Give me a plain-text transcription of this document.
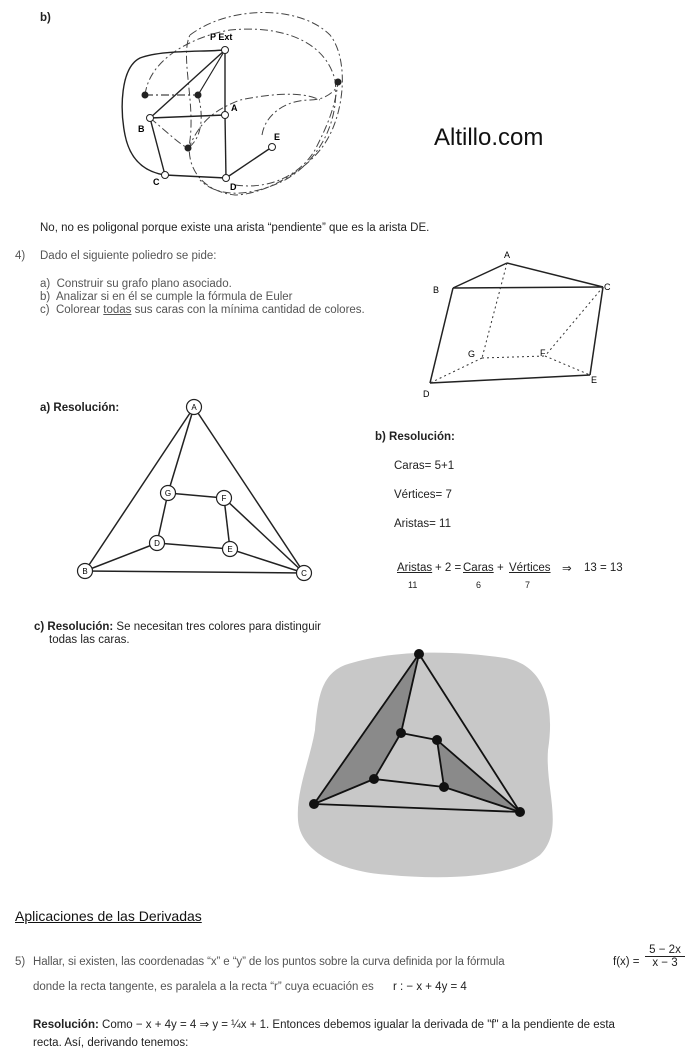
b)
P Ext
A
B
C	D
E	Altillo.com
No, no es poligonal porque existe una arista “pendiente” que es la arista DE.
4) Dado el siguiente poliedro se pide:
a) Construir su grafo plano asociado.
b) Analizar si en él se cumple la fórmula de Euler
c) Colorear todas sus caras con la mínima cantidad de colores.
A
B	C
D
E
F
G
a) Resolución:	A
G
F
D
E
B	C
b) Resolución:
Caras= 5+1
Vértices= 7
Aristas= 11
Aristas
11
+ 2 = Caras
6
+ Vértices
7
⇒ 13 = 13
c) Resolución: Se necesitan tres colores para distinguir
todas las caras.
Aplicaciones de las Derivadas
5) Hallar, si existen, las coordenadas “x” e “y” de los puntos sobre la curva definida por la fórmula	$f(x) = \frac{5 - 2x}{x - 3}$
donde la recta tangente, es paralela a la recta “r” cuya ecuación es r : − x + 4y = 4
Resolución: Como − x + 4y = 4 ⇒ y = ¼x + 1. Entonces debemos igualar la derivada de "f" a la pendiente de esta
recta. Así, derivando tenemos:
